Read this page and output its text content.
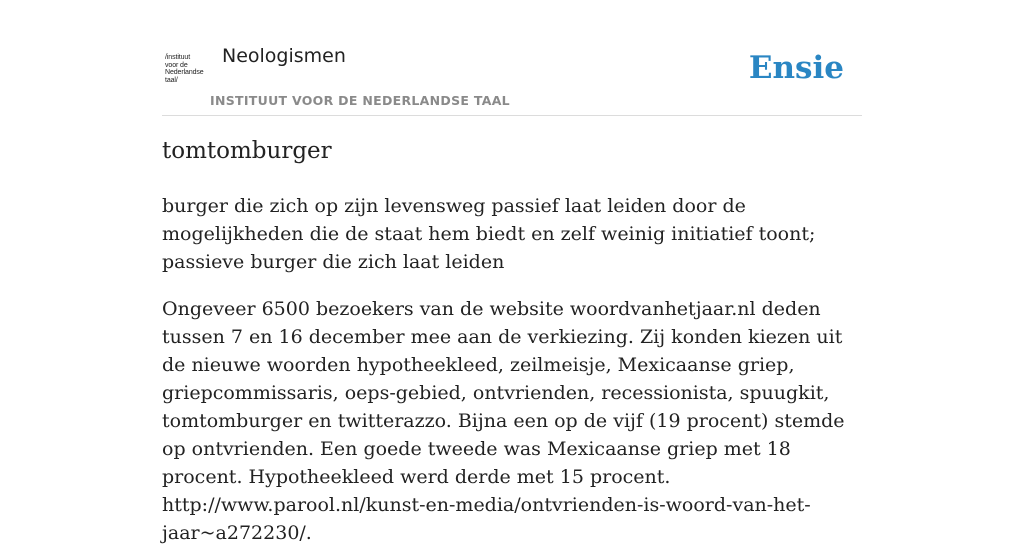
/instituut
voor de
Nederlandse
taal/
Neologismen
INSTITUUT VOOR DE NEDERLANDSE TAAL
Ensie
tomtomburger

burger die zich op zijn levensweg passief laat leiden door de mogelijkheden die de staat hem biedt en zelf weinig initiatief toont; passieve burger die zich laat leiden

Ongeveer 6500 bezoekers van de website woordvanhetjaar.nl deden tussen 7 en 16 december mee aan de verkiezing. Zij konden kiezen uit de nieuwe woorden hypotheekleed, zeilmeisje, Mexicaanse griep, griepcommissaris, oeps-gebied, ontvrienden, recessionista, spuugkit, tomtomburger en twitterazzo. Bijna een op de vijf (19 procent) stemde op ontvrienden. Een goede tweede was Mexicaanse griep met 18 procent. Hypotheekleed werd derde met 15 procent. http://www.parool.nl/kunst-en-media/ontvrienden-is-woord-van-het-jaar~a272230/.
